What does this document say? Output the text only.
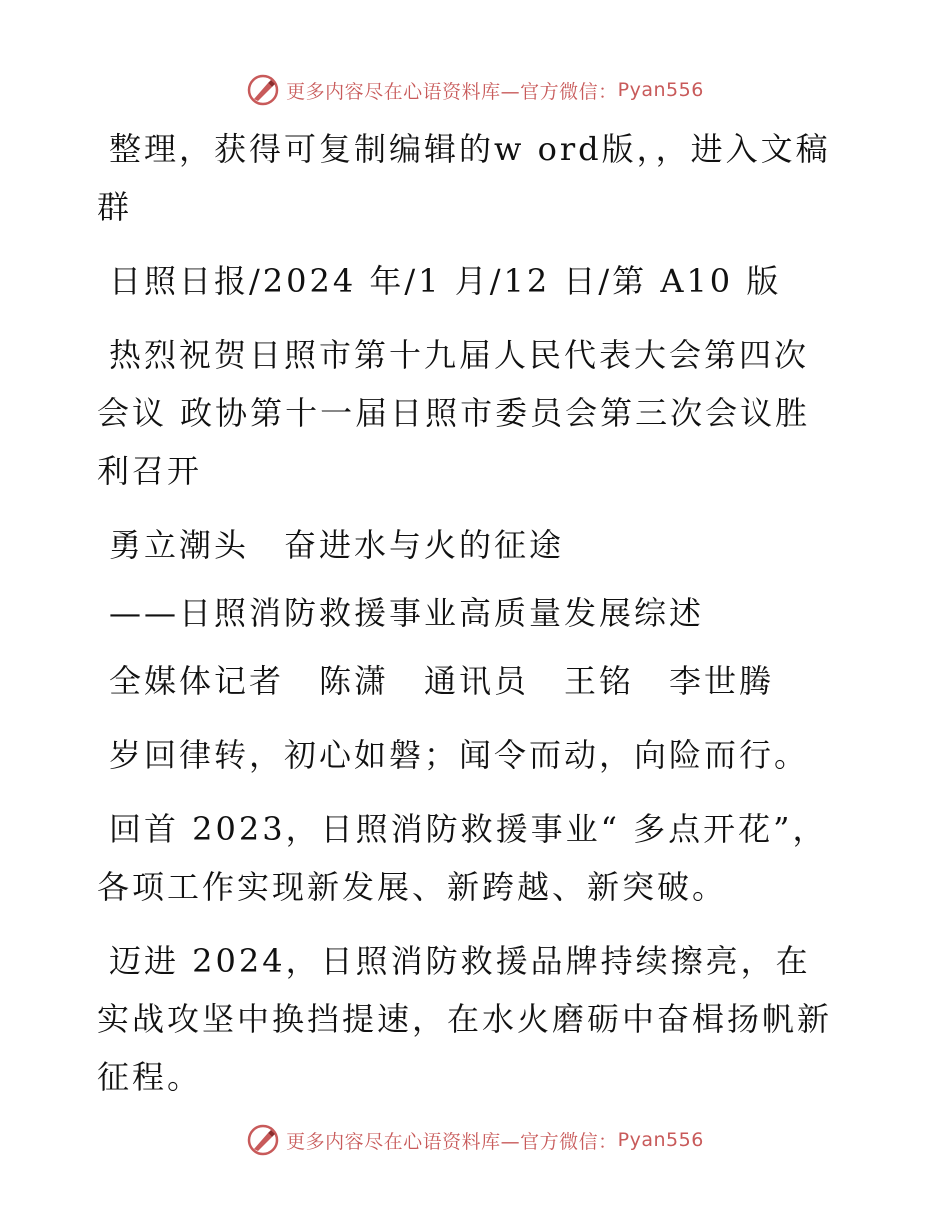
更多内容尽在心语资料库—官方微信： Pyan556

整理，获得可复制编辑的w ord版，，进入文稿群

日照日报/2024 年/1 月/12 日/第 A10 版

热烈祝贺日照市第十九届人民代表大会第四次会议 政协第十一届日照市委员会第三次会议胜利召开

勇立潮头　奋进水与火的征途

——日照消防救援事业高质量发展综述

全媒体记者　陈潇　通讯员　王铭　李世腾

岁回律转，初心如磐；闻令而动，向险而行。

回首 2023，日照消防救援事业“ 多点开花”，各项工作实现新发展、新跨越、新突破。

迈进 2024，日照消防救援品牌持续擦亮，在实战攻坚中换挡提速，在水火磨砺中奋楫扬帆新征程。

更多内容尽在心语资料库—官方微信： Pyan556
